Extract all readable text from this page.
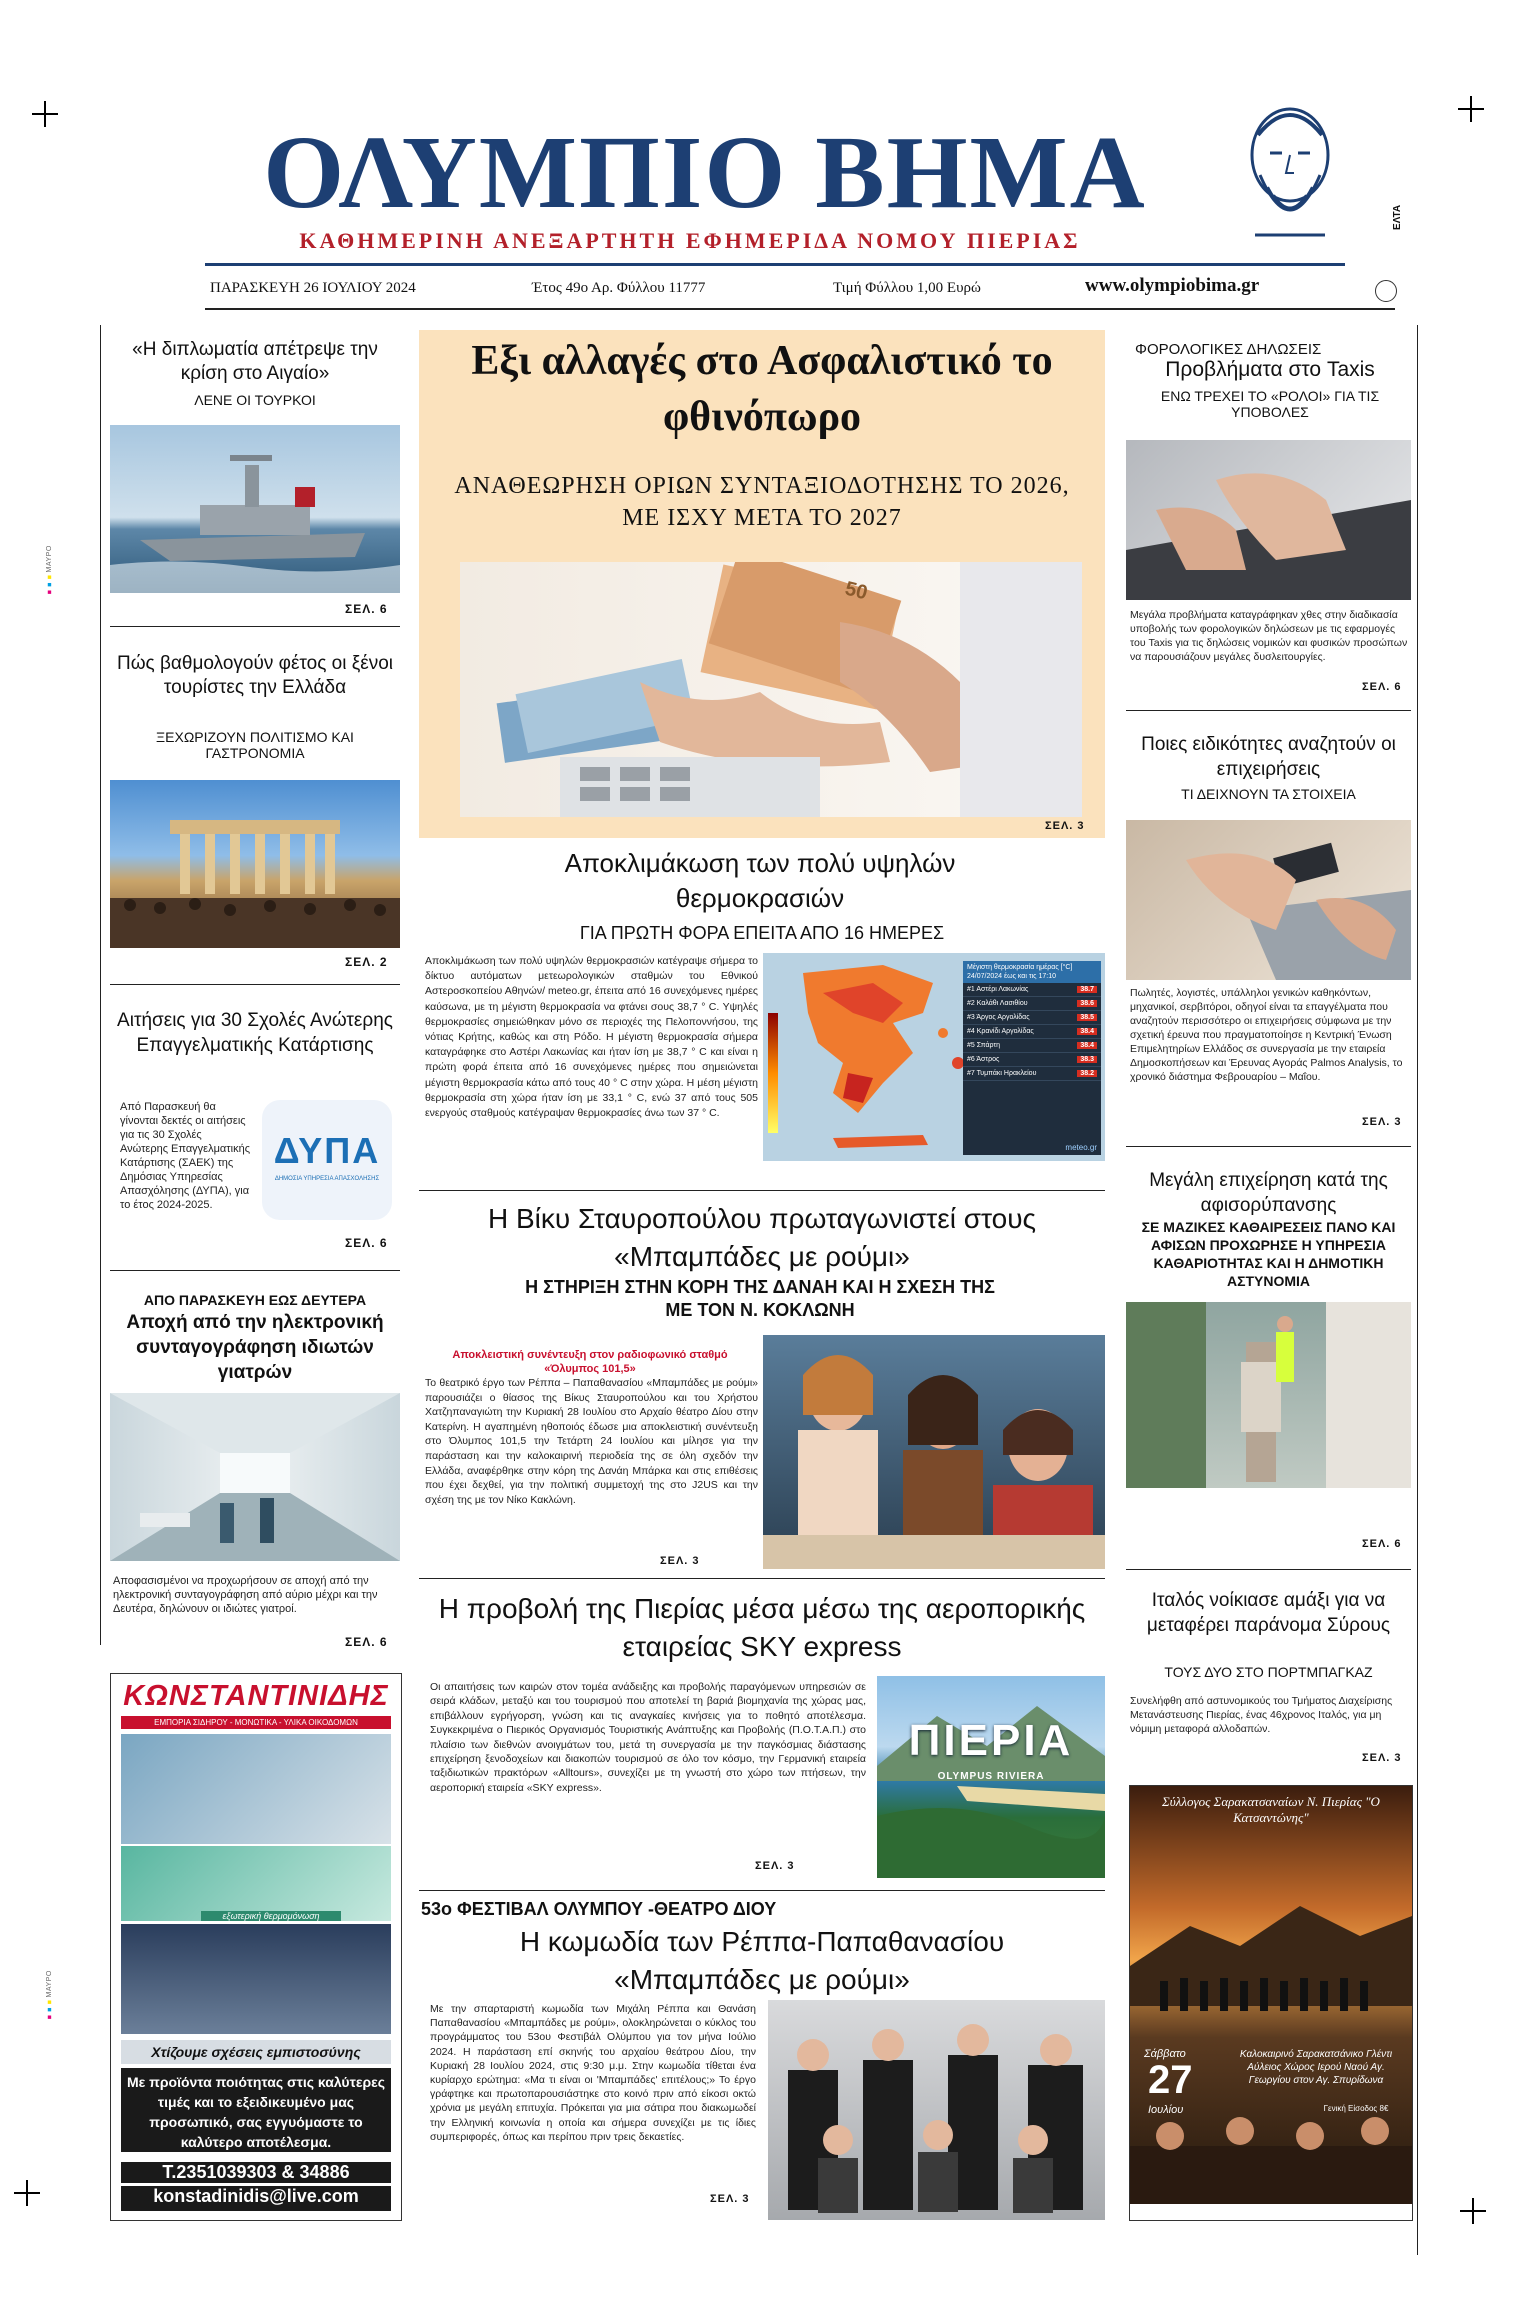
■■■MAYPO
■■■MAYPO
ΟΛΥΜΠΙΟ ΒΗΜΑ	ΕΛΤΑ
ΚΑΘΗΜΕΡΙΝΗ ΑΝΕΞΑΡΤΗΤΗ ΕΦΗΜΕΡΙΔΑ ΝΟΜΟΥ ΠΙΕΡΙΑΣ
ΠΑΡΑΣΚΕΥΗ 26 ΙΟΥΛΙΟΥ 2024	Έτος 49ο Αρ. Φύλλου 11777	Τιμή Φύλλου 1,00 Ευρώ	www.olympiobima.gr
«Η διπλωματία απέτρεψε την κρίση στο Αιγαίο»
ΛΕΝΕ ΟΙ ΤΟΥΡΚΟΙ
ΣΕΛ. 6
Πώς βαθμολογούν φέτος οι ξένοι τουρίστες την Ελλάδα
ΞΕΧΩΡΙΖΟΥΝ ΠΟΛΙΤΙΣΜΟ ΚΑΙ ΓΑΣΤΡΟΝΟΜΙΑ
ΣΕΛ. 2
Αιτήσεις για 30 Σχολές Ανώτερης Επαγγελματικής Κατάρτισης
Από Παρασκευή θα γίνονται δεκτές οι αιτήσεις για τις 30 Σχολές Ανώτερης Επαγγελματικής Κατάρτισης (ΣΑΕΚ) της Δημόσιας Υπηρεσίας Απασχόλησης (ΔΥΠΑ), για το έτος 2024-2025.
ΔΥΠΑ
ΔΗΜΟΣΙΑ ΥΠΗΡΕΣΙΑ ΑΠΑΣΧΟΛΗΣΗΣ
ΣΕΛ. 6
ΑΠΟ ΠΑΡΑΣΚΕΥΗ ΕΩΣ ΔΕΥΤΕΡΑ
Αποχή από την ηλεκτρονική συνταγογράφηση ιδιωτών γιατρών
Αποφασισμένοι να προχωρήσουν σε αποχή από την ηλεκτρονική συνταγογράφηση από αύριο μέχρι και την Δευτέρα, δηλώνουν οι ιδιώτες γιατροί.
ΣΕΛ. 6
ΚΩΝΣΤΑΝΤΙΝΙΔΗΣ
ΕΜΠΟΡΙΑ ΣΙΔΗΡΟΥ - ΜΟΝΩΤΙΚΑ - ΥΛΙΚΑ ΟΙΚΟΔΟΜΩΝ
εξωτερική θερμομόνωση
Χτίζουμε σχέσεις εμπιστοσύνης
Με προϊόντα ποιότητας στις καλύτερες τιμές και το εξειδικευμένο μας προσωπικό, σας εγγυόμαστε το καλύτερο αποτέλεσμα.
Τ.2351039303 & 34886
konstadinidis@live.com
Εξι αλλαγές στο Ασφαλιστικό το φθινόπωρο
ΑΝΑΘΕΩΡΗΣΗ ΟΡΙΩΝ ΣΥΝΤΑΞΙΟΔΟΤΗΣΗΣ ΤΟ 2026, ΜΕ ΙΣΧΥ ΜΕΤΑ ΤΟ 2027
50
ΣΕΛ. 3
Αποκλιμάκωση των πολύ υψηλών θερμοκρασιών
ΓΙΑ ΠΡΩΤΗ ΦΟΡΑ ΕΠΕΙΤΑ ΑΠΟ 16 ΗΜΕΡΕΣ
Αποκλιμάκωση των πολύ υψηλών θερμοκρασιών κατέγραψε σήμερα το δίκτυο αυτόματων μετεωρολογικών σταθμών του Εθνικού Αστεροσκοπείου Αθηνών/ meteo.gr, έπειτα από 16 συνεχόμενες ημέρες καύσωνα, με τη μέγιστη θερμοκρασία να φτάνει σους 38,7 ° C. Υψηλές θερμοκρασίες σημειώθηκαν μόνο σε περιοχές της Πελοποννήσου, της νότιας Κρήτης, καθώς και στη Ρόδο. Η μέγιστη θερμοκρασία σήμερα καταγράφηκε στο Αστέρι Λακωνίας και ήταν ίση με 38,7 ° C και είναι η πρώτη φορά έπειτα από 16 συνεχόμενες ημέρες που σημειώνεται μέγιστη θερμοκρασία κάτω από τους 40 ° C στην χώρα. Η μέση μέγιστη θερμοκρασία στη χώρα ήταν ίση με 33,1 ° C, ενώ 37 από τους 505 ενεργούς σταθμούς κατέγραψαν θερμοκρασίες άνω των 37 ° C.
Μέγιστη θερμοκρασία ημέρας [°C] 24/07/2024 έως και τις 17:10
#1 Αστέρι Λακωνίας	38.7
#2 Καλάθι Λασιθίου	38.6
#3 Άργος Αργολίδας	38.5
#4 Κρανίδι Αργολίδας	38.4
#5 Σπάρτη	38.4
#6 Άστρος	38.3
#7 Τυμπάκι Ηρακλείου	38.2
meteo.gr
Η Βίκυ Σταυροπούλου πρωταγωνιστεί στους «Μπαμπάδες με ρούμι»
Η ΣΤΗΡΙΞΗ ΣΤΗΝ ΚΟΡΗ ΤΗΣ ΔΑΝΑΗ ΚΑΙ Η ΣΧΕΣΗ ΤΗΣ ΜΕ ΤΟΝ Ν. ΚΟΚΛΩΝΗ
Αποκλειστική συνέντευξη στον ραδιοφωνικό σταθμό «Όλυμπος 101,5»
Το θεατρικό έργο των Ρέππα – Παπαθανασίου «Μπαμπάδες με ρούμι» παρουσιάζει ο θίασος της Βίκυς Σταυροπούλου και του Χρήστου Χατζηπαναγιώτη την Κυριακή 28 Ιουλίου στο Αρχαίο θέατρο Δίου στην Κατερίνη. Η αγαπημένη ηθοποιός έδωσε μια αποκλειστική συνέντευξη στο Όλυμπος 101,5 την Τετάρτη 24 Ιουλίου και μίλησε για την παράσταση και την καλοκαιρινή περιοδεία της σε όλη σχεδόν την Ελλάδα, αναφέρθηκε στην κόρη της Δανάη Μπάρκα και στις επιθέσεις που έχει δεχθεί, για την πολιτική συμμετοχή της στο J2US και την σχέση της με τον Νίκο Κακλώνη.
ΣΕΛ. 3
Η προβολή της Πιερίας μέσα μέσω της αεροπορικής εταιρείας SKY express
Οι απαιτήσεις των καιρών στον τομέα ανάδειξης και προβολής παραγόμενων υπηρεσιών σε σειρά κλάδων, μεταξύ και του τουρισμού που αποτελεί τη βαριά βιομηχανία της χώρας μας, επιβάλλουν εγρήγορση, γνώση και τις αναγκαίες κινήσεις για το ποθητό αποτέλεσμα. Συγκεκριμένα ο Πιερικός Οργανισμός Τουριστικής Ανάπτυξης και Προβολής (Π.Ο.Τ.Α.Π.) στο πλαίσιο των διεθνών ανοιγμάτων του, μετά τη συνεργασία με την παγκόσμιας διάστασης επιχείρηση ξενοδοχείων και διακοπών τουρισμού σε όλο τον κόσμο, την Γερμανική εταιρεία ταξιδιωτικών πρακτόρων «Alltours», συνεχίζει με τη γνωστή στο χώρο των πτήσεων, την αεροπορική εταιρεία «SKY express».
ΣΕΛ. 3
ΠΙΕΡΙΑ
OLYMPUS RIVIERA
53ο ΦΕΣΤΙΒΑΛ ΟΛΥΜΠΟΥ -ΘΕΑΤΡΟ ΔΙΟΥ
Η κωμωδία των Ρέππα-Παπαθανασίου «Μπαμπάδες με ρούμι»
Με την σπαρταριστή κωμωδία των Μιχάλη Ρέππα και Θανάση Παπαθανασίου «Μπαμπάδες με ρούμι», ολοκληρώνεται ο κύκλος του προγράμματος του 53ου Φεστιβάλ Ολύμπου για τον μήνα Ιούλιο 2024. Η παράσταση επί σκηνής του αρχαίου θεάτρου Δίου, την Κυριακή 28 Ιουλίου 2024, στις 9:30 μ.μ. Στην κωμωδία τίθεται ένα κυρίαρχο ερώτημα: «Μα τι είναι οι 'Μπαμπάδες' επιτέλους;» Το έργο γράφτηκε και πρωτοπαρουσιάστηκε στο κοινό πριν από είκοσι οκτώ χρόνια με μεγάλη επιτυχία. Πρόκειται για μια σάτιρα που διακωμωδεί την Ελληνική κοινωνία η οποία και σήμερα συνεχίζει με τις ίδιες συμπεριφορές, όπως και περίπου πριν τρεις δεκαετίες.
ΣΕΛ. 3
ΦΟΡΟΛΟΓΙΚΕΣ ΔΗΛΩΣΕΙΣ
Προβλήματα στο Taxis
ΕΝΩ ΤΡΕΧΕΙ ΤΟ «ΡΟΛΟΙ» ΓΙΑ ΤΙΣ ΥΠΟΒΟΛΕΣ
Μεγάλα προβλήματα καταγράφηκαν χθες στην διαδικασία υποβολής των φορολογικών δηλώσεων με τις εφαρμογές του Taxis για τις δηλώσεις νομικών και φυσικών προσώπων να παρουσιάζουν μεγάλες δυσλειτουργίες.
ΣΕΛ. 6
Ποιες ειδικότητες αναζητούν οι επιχειρήσεις
ΤΙ ΔΕΙΧΝΟΥΝ ΤΑ ΣΤΟΙΧΕΙΑ
Πωλητές, λογιστές, υπάλληλοι γενικών καθηκόντων, μηχανικοί, σερβιτόροι, οδηγοί είναι τα επαγγέλματα που αναζητούν περισσότερο οι επιχειρήσεις σύμφωνα με την σχετική έρευνα που πραγματοποίησε η Κεντρική Ένωση Επιμελητηρίων Ελλάδος σε συνεργασία με την εταιρεία Δημοσκοπήσεων και Έρευνας Αγοράς Palmos Analysis, το χρονικό διάστημα Φεβρουαρίου – Μαΐου.
ΣΕΛ. 3
Μεγάλη επιχείρηση κατά της αφισορύπανσης
ΣΕ ΜΑΖΙΚΕΣ ΚΑΘΑΙΡΕΣΕΙΣ ΠΑΝΟ ΚΑΙ ΑΦΙΣΩΝ ΠΡΟΧΩΡΗΣΕ Η ΥΠΗΡΕΣΙΑ ΚΑΘΑΡΙΟΤΗΤΑΣ ΚΑΙ Η ΔΗΜΟΤΙΚΗ ΑΣΤΥΝΟΜΙΑ
ΣΕΛ. 6
Ιταλός νοίκιασε αμάξι για να μεταφέρει παράνομα Σύρους
ΤΟΥΣ ΔΥΟ ΣΤΟ ΠΟΡΤΜΠΑΓΚΑΖ
Συνελήφθη από αστυνομικούς του Τμήματος Διαχείρισης Μετανάστευσης Πιερίας, ένας 46χρονος Ιταλός, για μη νόμιμη μεταφορά αλλοδαπών.
ΣΕΛ. 3
Σύλλογος Σαρακατσαναίων Ν. Πιερίας "Ο Κατσαντώνης"
Σάββατο
27
Ιουλίου
Καλοκαιρινό Σαρακατσάνικο Γλέντι Αύλειος Χώρος Ιερού Ναού Αγ. Γεωργίου στον Αγ. Σπυρίδωνα
Γενική Είσοδος 8€
